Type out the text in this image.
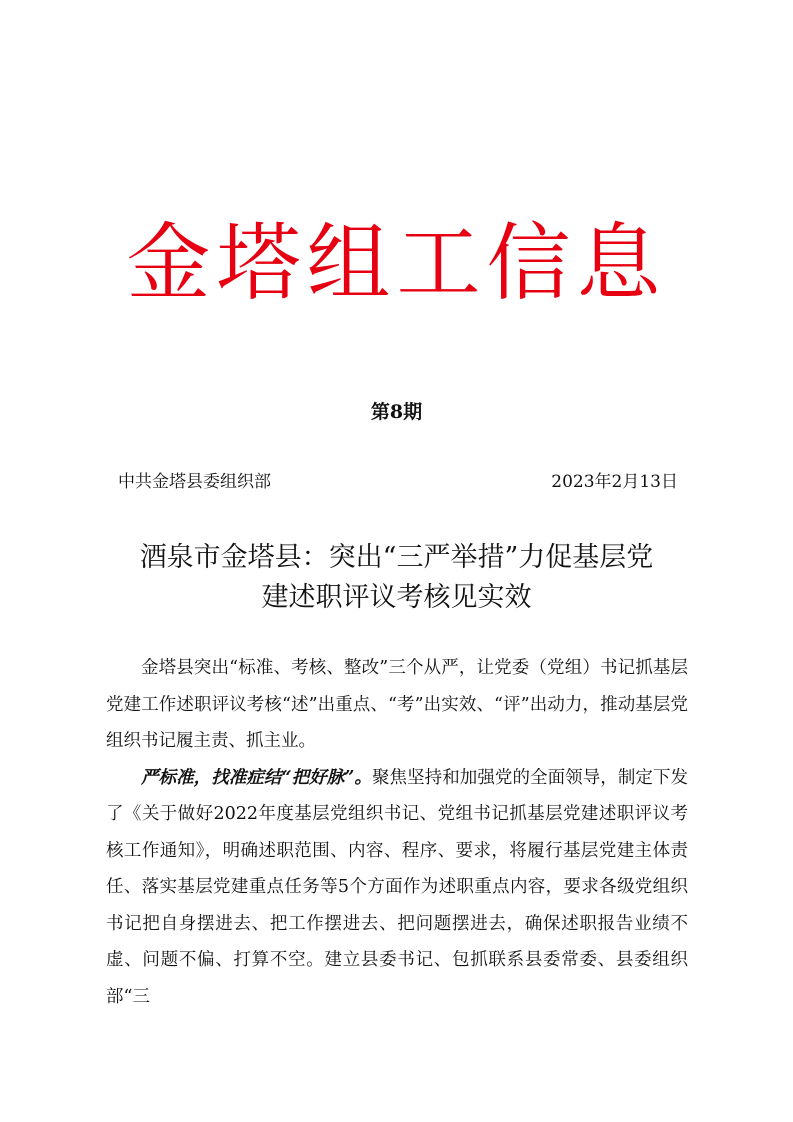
金塔组工信息
第8期
中共金塔县委组织部	2023年2月13日
酒泉市金塔县：突出“三严举措”力促基层党
建述职评议考核见实效

金塔县突出“标准、考核、整改”三个从严，让党委（党组）书记抓基层党建工作述职评议考核“述”出重点、“考”出实效、“评”出动力，推动基层党组织书记履主责、抓主业。

严标准，找准症结“把好脉”。聚焦坚持和加强党的全面领导，制定下发了《关于做好2022年度基层党组织书记、党组书记抓基层党建述职评议考核工作通知》，明确述职范围、内容、程序、要求，将履行基层党建主体责任、落实基层党建重点任务等5个方面作为述职重点内容，要求各级党组织书记把自身摆进去、把工作摆进去、把问题摆进去，确保述职报告业绩不虚、问题不偏、打算不空。建立县委书记、包抓联系县委常委、县委组织部“三
